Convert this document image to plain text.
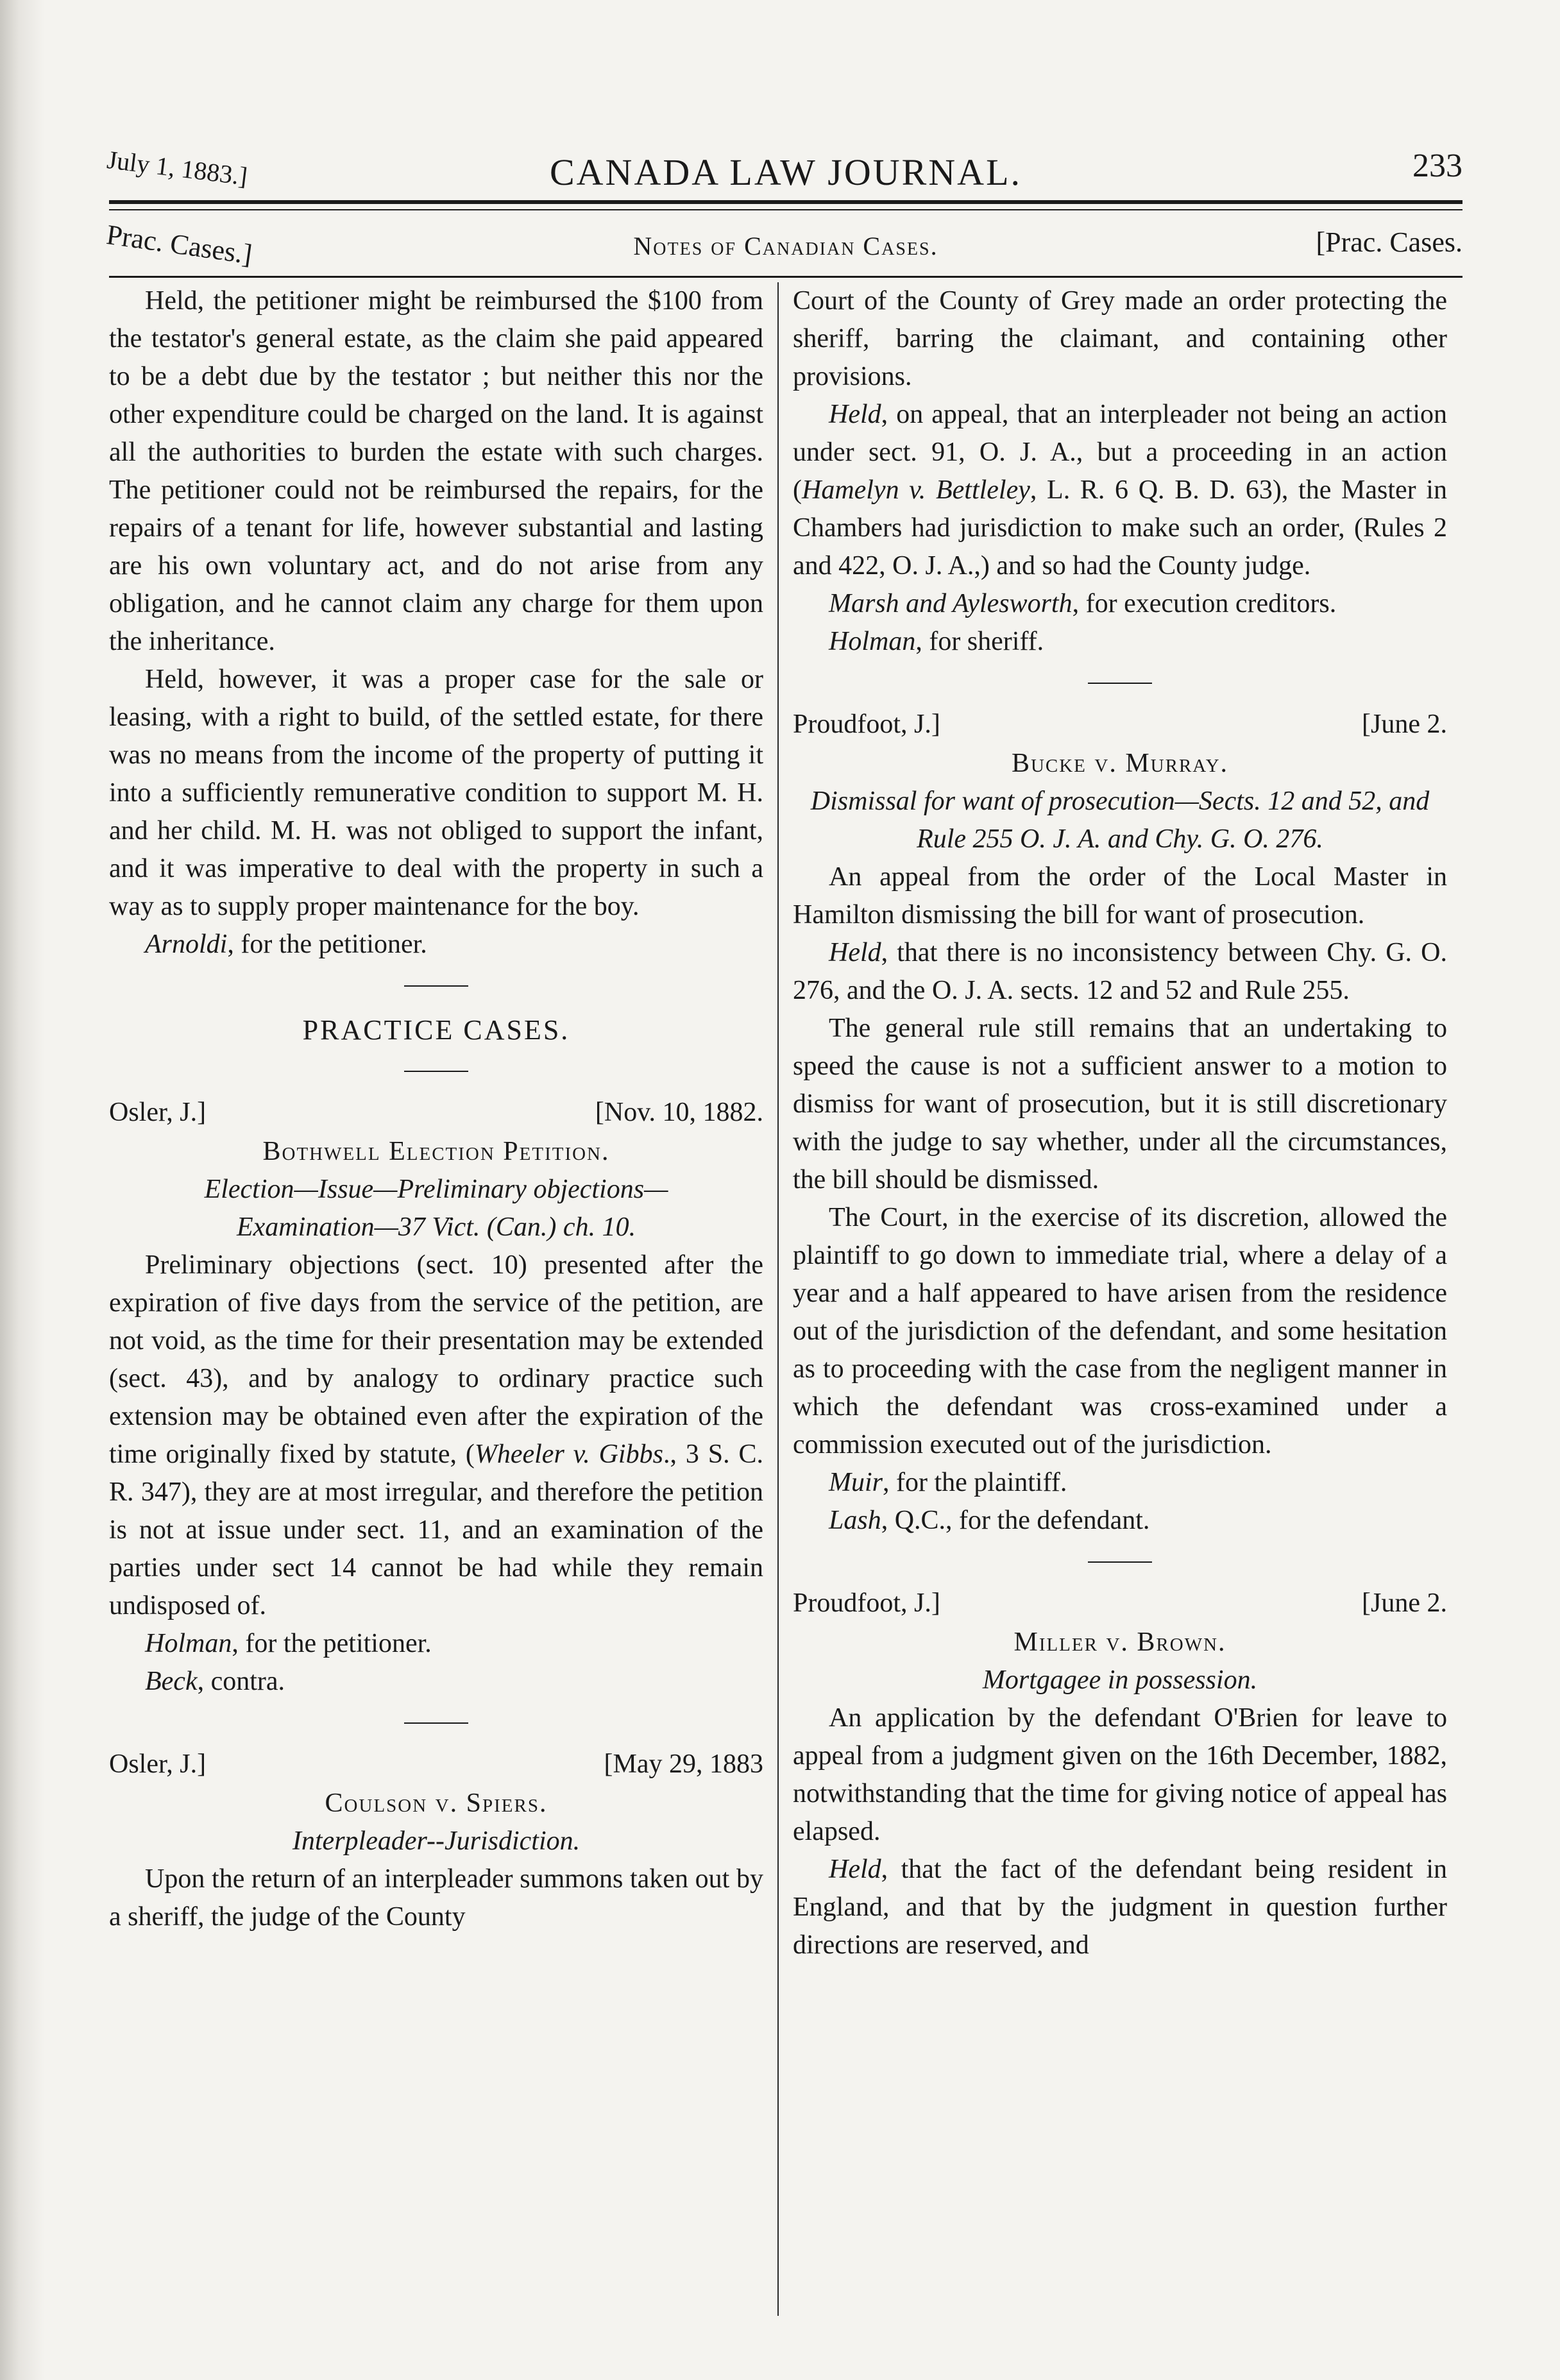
July 1, 1883.]	CANADA LAW JOURNAL.	233
Prac. Cases.]	Notes of Canadian Cases.	[Prac. Cases.

Held, the petitioner might be reimbursed the $100 from the testator's general estate, as the claim she paid appeared to be a debt due by the testator ; but neither this nor the other expenditure could be charged on the land. It is against all the authorities to burden the estate with such charges. The petitioner could not be reimbursed the repairs, for the repairs of a tenant for life, however substantial and lasting are his own voluntary act, and do not arise from any obligation, and he cannot claim any charge for them upon the inheritance.

Held, however, it was a proper case for the sale or leasing, with a right to build, of the settled estate, for there was no means from the income of the property of putting it into a sufficiently remunerative condition to support M. H. and her child. M. H. was not obliged to support the infant, and it was imperative to deal with the property in such a way as to supply proper maintenance for the boy.

Arnoldi, for the petitioner.

PRACTICE CASES.
Osler, J.]	[Nov. 10, 1882.
Bothwell Election Petition.
Election—Issue—Preliminary objections—
Examination—37 Vict. (Can.) ch. 10.

Preliminary objections (sect. 10) presented after the expiration of five days from the service of the petition, are not void, as the time for their presentation may be extended (sect. 43), and by analogy to ordinary practice such extension may be obtained even after the expiration of the time originally fixed by statute, (Wheeler v. Gibbs., 3 S. C. R. 347), they are at most irregular, and therefore the petition is not at issue under sect. 11, and an examination of the parties under sect 14 cannot be had while they remain undisposed of.

Holman, for the petitioner.

Beck, contra.

Osler, J.]	[May 29, 1883
Coulson v. Spiers.
Interpleader--Jurisdiction.

Upon the return of an interpleader summons taken out by a sheriff, the judge of the County

Court of the County of Grey made an order protecting the sheriff, barring the claimant, and containing other provisions.

Held, on appeal, that an interpleader not being an action under sect. 91, O. J. A., but a proceeding in an action (Hamelyn v. Bettleley, L. R. 6 Q. B. D. 63), the Master in Chambers had jurisdiction to make such an order, (Rules 2 and 422, O. J. A.,) and so had the County judge.

Marsh and Aylesworth, for execution creditors.

Holman, for sheriff.

Proudfoot, J.]	[June 2.
Bucke v. Murray.
Dismissal for want of prosecution—Sects. 12 and 52, and Rule 255 O. J. A. and Chy. G. O. 276.

An appeal from the order of the Local Master in Hamilton dismissing the bill for want of prosecution.

Held, that there is no inconsistency between Chy. G. O. 276, and the O. J. A. sects. 12 and 52 and Rule 255.

The general rule still remains that an undertaking to speed the cause is not a sufficient answer to a motion to dismiss for want of prosecution, but it is still discretionary with the judge to say whether, under all the circumstances, the bill should be dismissed.

The Court, in the exercise of its discretion, allowed the plaintiff to go down to immediate trial, where a delay of a year and a half appeared to have arisen from the residence out of the jurisdiction of the defendant, and some hesitation as to proceeding with the case from the negligent manner in which the defendant was cross-examined under a commission executed out of the jurisdiction.

Muir, for the plaintiff.

Lash, Q.C., for the defendant.

Proudfoot, J.]	[June 2.
Miller v. Brown.
Mortgagee in possession.

An application by the defendant O'Brien for leave to appeal from a judgment given on the 16th December, 1882, notwithstanding that the time for giving notice of appeal has elapsed.

Held, that the fact of the defendant being resident in England, and that by the judgment in question further directions are reserved, and
